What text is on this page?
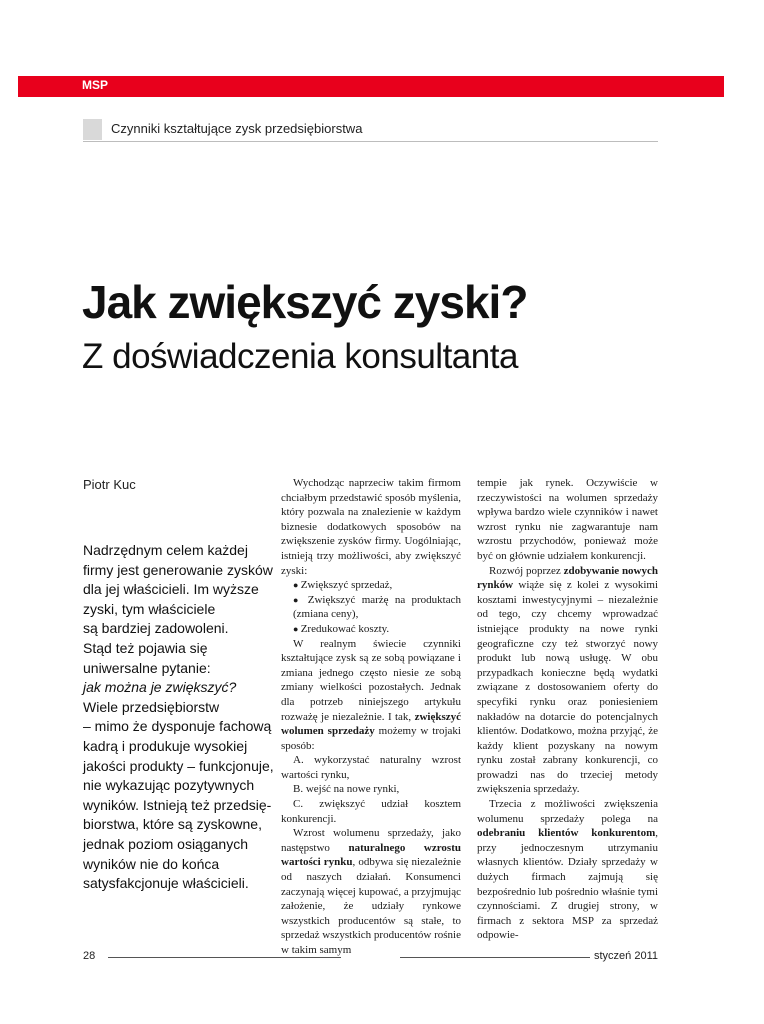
MSP
Czynniki kształtujące zysk przedsiębiorstwa
Jak zwiększyć zyski?
Z doświadczenia konsultanta
Piotr Kuc
Nadrzędnym celem każdej
firmy jest generowanie zysków
dla jej właścicieli. Im wyższe
zyski, tym właściciele
są bardziej zadowoleni.
Stąd też pojawia się
uniwersalne pytanie:
jak można je zwiększyć?
Wiele przedsiębiorstw
– mimo że dysponuje fachową
kadrą i produkuje wysokiej
jakości produkty – funkcjonuje,
nie wykazując pozytywnych
wyników. Istnieją też przedsię-
biorstwa, które są zyskowne,
jednak poziom osiąganych
wyników nie do końca
satysfakcjonuje właścicieli.

Wychodząc naprzeciw takim firmom chciałbym przedstawić sposób myślenia, który pozwala na znalezienie w każdym biznesie dodatkowych sposobów na zwiększenie zysków firmy. Uogólniając, istnieją trzy możliwości, aby zwiększyć zyski:

● Zwiększyć sprzedaż,

● Zwiększyć marżę na produktach (zmiana ceny),

● Zredukować koszty.

W realnym świecie czynniki kształtujące zysk są ze sobą powiązane i zmiana jednego często niesie ze sobą zmiany wielkości pozostałych. Jednak dla potrzeb niniejszego artykułu rozważę je niezależnie. I tak, zwiększyć wolumen sprzedaży możemy w trojaki sposób:

A. wykorzystać naturalny wzrost wartości rynku,

B. wejść na nowe rynki,

C. zwiększyć udział kosztem konkurencji.

Wzrost wolumenu sprzedaży, jako następstwo naturalnego wzrostu wartości rynku, odbywa się niezależnie od naszych działań. Konsumenci zaczynają więcej kupować, a przyjmując założenie, że udziały rynkowe wszystkich producentów są stałe, to sprzedaż wszystkich producentów rośnie w takim samym

tempie jak rynek. Oczywiście w rzeczywistości na wolumen sprzedaży wpływa bardzo wiele czynników i nawet wzrost rynku nie zagwarantuje nam wzrostu przychodów, ponieważ może być on głównie udziałem konkurencji.

Rozwój poprzez zdobywanie nowych rynków wiąże się z kolei z wysokimi kosztami inwestycyjnymi – niezależnie od tego, czy chcemy wprowadzać istniejące produkty na nowe rynki geograficzne czy też stworzyć nowy produkt lub nową usługę. W obu przypadkach konieczne będą wydatki związane z dostosowaniem oferty do specyfiki rynku oraz poniesieniem nakładów na dotarcie do potencjalnych klientów. Dodatkowo, można przyjąć, że każdy klient pozyskany na nowym rynku został zabrany konkurencji, co prowadzi nas do trzeciej metody zwiększenia sprzedaży.

Trzecia z możliwości zwiększenia wolumenu sprzedaży polega na odebraniu klientów konkurentom, przy jednoczesnym utrzymaniu własnych klientów. Działy sprzedaży w dużych firmach zajmują się bezpośrednio lub pośrednio właśnie tymi czynnościami. Z drugiej strony, w firmach z sektora MSP za sprzedaż odpowie-

28	styczeń 2011
